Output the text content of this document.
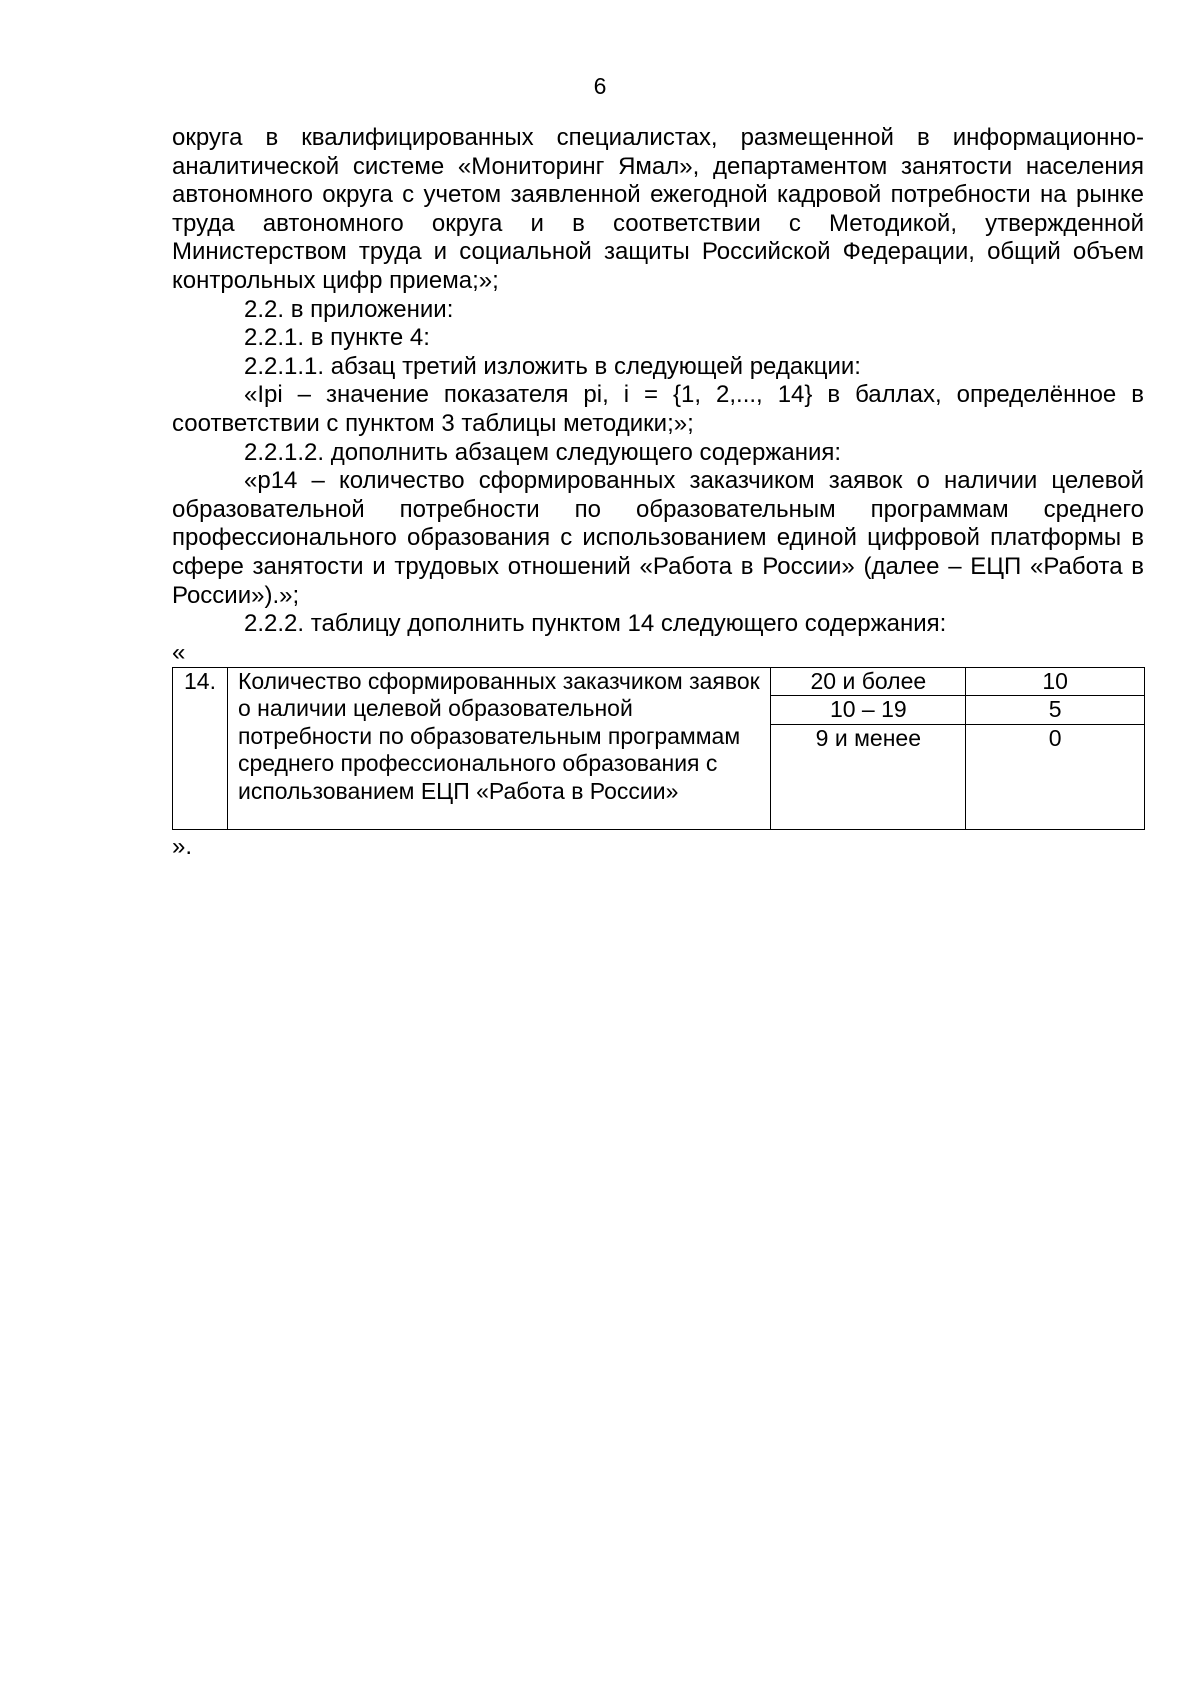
6

округа в квалифицированных специалистах, размещенной в информационно-аналитической системе «Мониторинг Ямал», департаментом занятости населения автономного округа с учетом заявленной ежегодной кадровой потребности на рынке труда автономного округа и в соответствии с Методикой, утвержденной Министерством труда и социальной защиты Российской Федерации, общий объем контрольных цифр приема;»;

2.2. в приложении:

2.2.1. в пункте 4:

2.2.1.1. абзац третий изложить в следующей редакции:

«Ipi – значение показателя pi, i = {1, 2,..., 14} в баллах, определённое в соответствии с пунктом 3 таблицы методики;»;

2.2.1.2. дополнить абзацем следующего содержания:

«p14 – количество сформированных заказчиком заявок о наличии целевой образовательной потребности по образовательным программам среднего профессионального образования с использованием единой цифровой платформы в сфере занятости и трудовых отношений «Работа в России» (далее – ЕЦП «Работа в России»).»;

2.2.2. таблицу дополнить пунктом 14 следующего содержания:

«
14.	Количество сформированных заказчиком заявок о наличии целевой образовательной потребности по образовательным программам среднего профессионального образования с использованием ЕЦП «Работа в России»	20 и более	10
		10 – 19	5
		9 и менее	0

».
